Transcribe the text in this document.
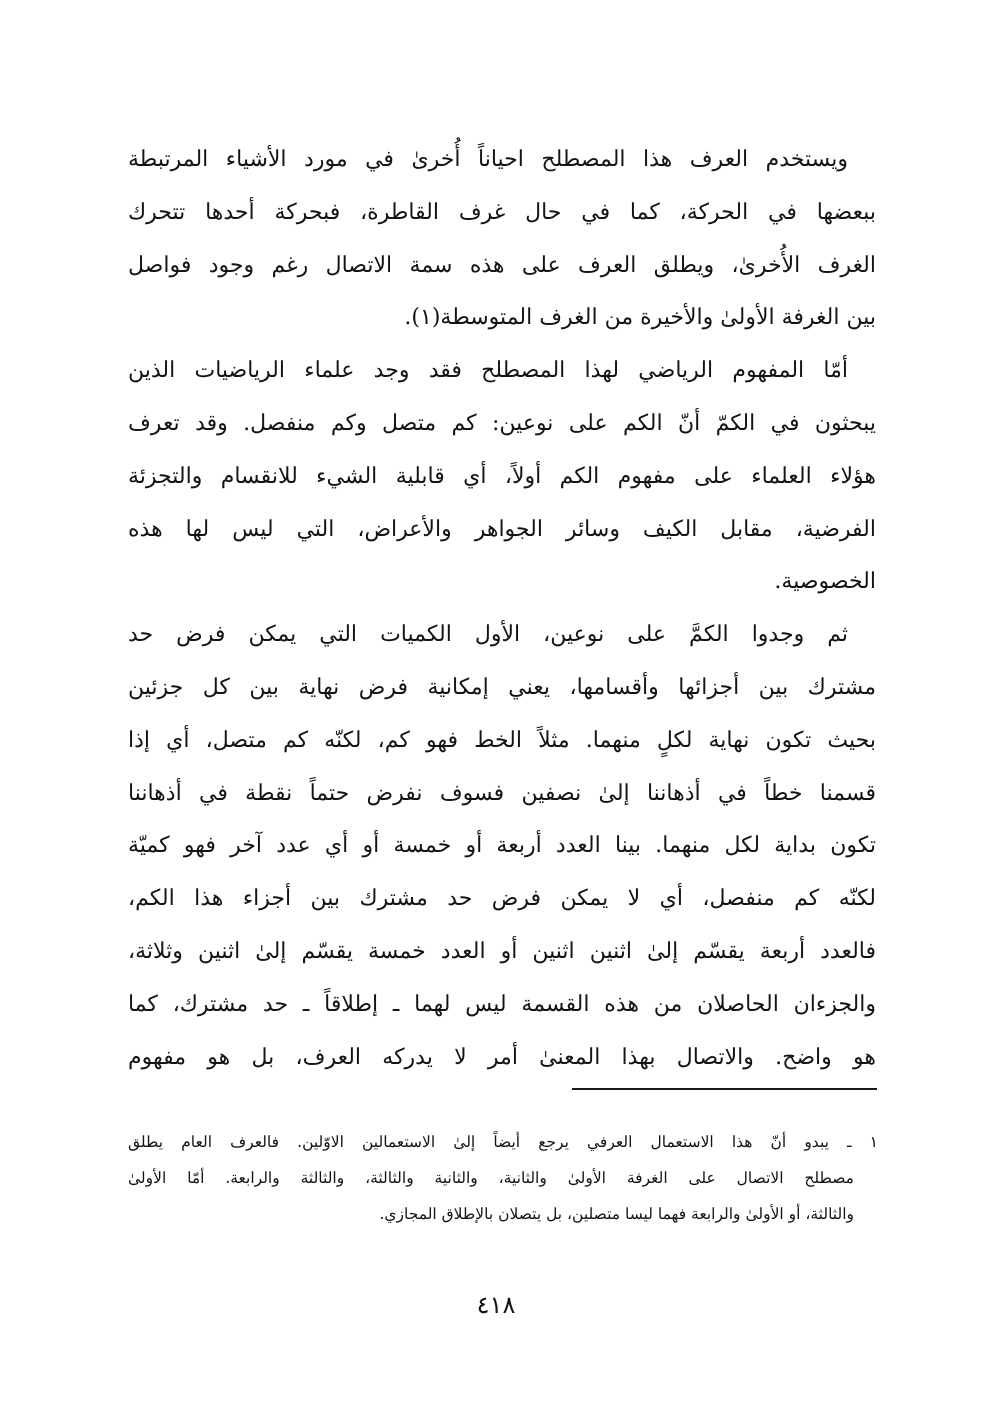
ويستخدم العرف هذا المصطلح احياناً أُخرىٰ في مورد الأشياء المرتبطة
ببعضها في الحركة، كما في حال غرف القاطرة، فبحركة أحدها تتحرك
الغرف الأُخرىٰ، ويطلق العرف على هذه سمة الاتصال رغم وجود فواصل
بين الغرفة الأولىٰ والأخيرة من الغرف المتوسطة(١).
أمّا المفهوم الرياضي لهذا المصطلح فقد وجد علماء الرياضيات الذين
يبحثون في الكمّ أنّ الكم على نوعين: كم متصل وكم منفصل. وقد تعرف
هؤلاء العلماء على مفهوم الكم أولاً، أي قابلية الشيء للانقسام والتجزئة
الفرضية، مقابل الكيف وسائر الجواهر والأعراض، التي ليس لها هذه
الخصوصية.
ثم وجدوا الكمَّ على نوعين، الأول الكميات التي يمكن فرض حد
مشترك بين أجزائها وأقسامها، يعني إمكانية فرض نهاية بين كل جزئين
بحيث تكون نهاية لكلٍ منهما. مثلاً الخط فهو كم، لكنّه كم متصل، أي إذا
قسمنا خطاً في أذهاننا إلىٰ نصفين فسوف نفرض حتماً نقطة في أذهاننا
تكون بداية لكل منهما. بينا العدد أربعة أو خمسة أو أي عدد آخر فهو كميّة
لكنّه كم منفصل، أي لا يمكن فرض حد مشترك بين أجزاء هذا الكم،
فالعدد أربعة يقسّم إلىٰ اثنين اثنين أو العدد خمسة يقسّم إلىٰ اثنين وثلاثة،
والجزءان الحاصلان من هذه القسمة ليس لهما ـ إطلاقاً ـ حد مشترك، كما
هو واضح. والاتصال بهذا المعنىٰ أمر لا يدركه العرف، بل هو مفهوم
١ ـ يبدو أنّ هذا الاستعمال العرفي يرجع أيضاً إلىٰ الاستعمالين الاوّلين. فالعرف العام يطلق
مصطلح الاتصال على الغرفة الأولىٰ والثانية، والثانية والثالثة، والثالثة والرابعة. أمّا الأولىٰ
والثالثة، أو الأولىٰ والرابعة فهما ليسا متصلين، بل يتصلان بالإطلاق المجازي.
٤١٨
